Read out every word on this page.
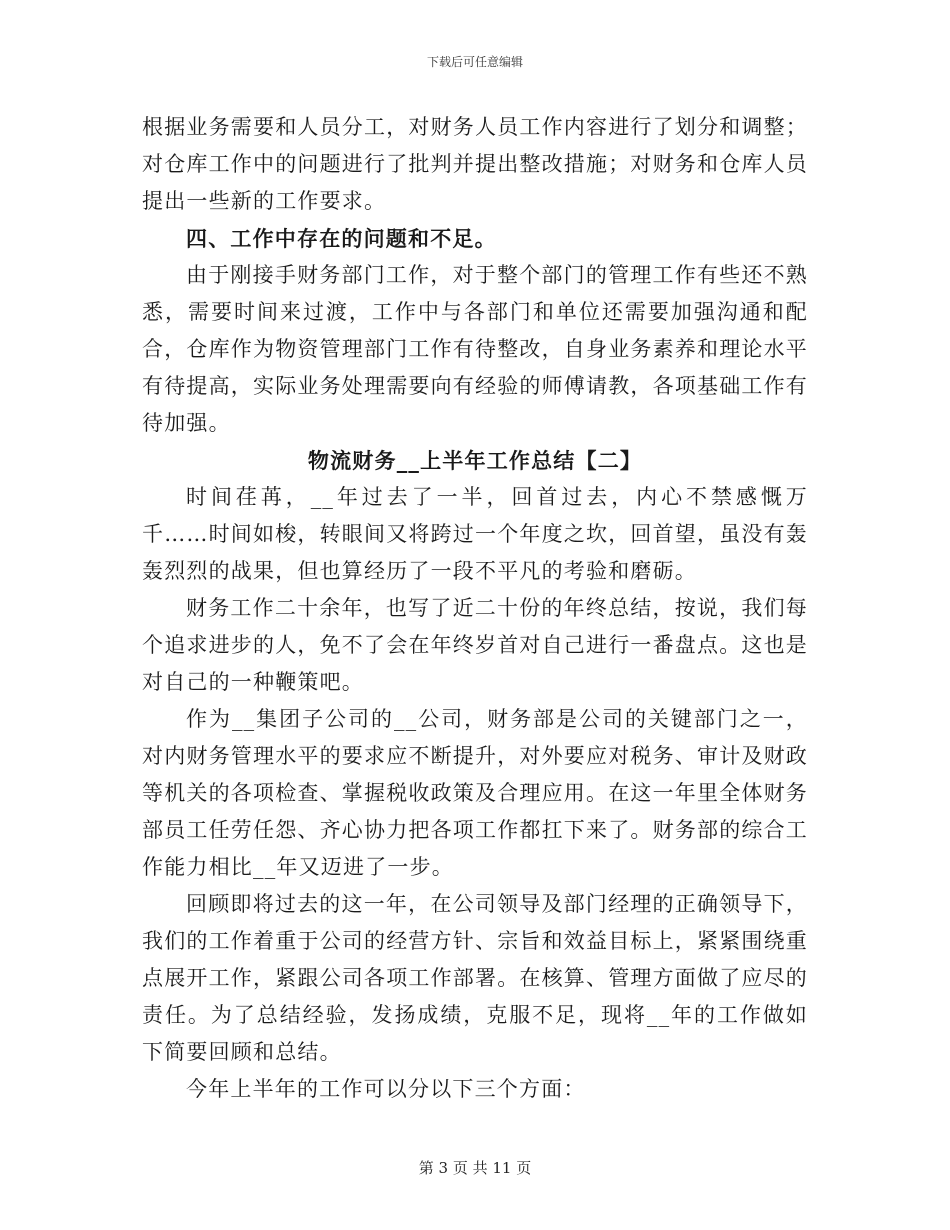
下载后可任意编辑

根据业务需要和人员分工，对财务人员工作内容进行了划分和调整；对仓库工作中的问题进行了批判并提出整改措施；对财务和仓库人员提出一些新的工作要求。

四、工作中存在的问题和不足。

由于刚接手财务部门工作，对于整个部门的管理工作有些还不熟悉，需要时间来过渡，工作中与各部门和单位还需要加强沟通和配合，仓库作为物资管理部门工作有待整改，自身业务素养和理论水平有待提高，实际业务处理需要向有经验的师傅请教，各项基础工作有待加强。

物流财务__上半年工作总结【二】

时间荏苒，__年过去了一半，回首过去，内心不禁感慨万千……时间如梭，转眼间又将跨过一个年度之坎，回首望，虽没有轰轰烈烈的战果，但也算经历了一段不平凡的考验和磨砺。

财务工作二十余年，也写了近二十份的年终总结，按说，我们每个追求进步的人，免不了会在年终岁首对自己进行一番盘点。这也是对自己的一种鞭策吧。

作为__集团子公司的__公司，财务部是公司的关键部门之一，对内财务管理水平的要求应不断提升，对外要应对税务、审计及财政等机关的各项检查、掌握税收政策及合理应用。在这一年里全体财务部员工任劳任怨、齐心协力把各项工作都扛下来了。财务部的综合工作能力相比__年又迈进了一步。

回顾即将过去的这一年，在公司领导及部门经理的正确领导下，我们的工作着重于公司的经营方针、宗旨和效益目标上，紧紧围绕重点展开工作，紧跟公司各项工作部署。在核算、管理方面做了应尽的责任。为了总结经验，发扬成绩，克服不足，现将__年的工作做如下简要回顾和总结。

今年上半年的工作可以分以下三个方面：

第 3 页 共 11 页
